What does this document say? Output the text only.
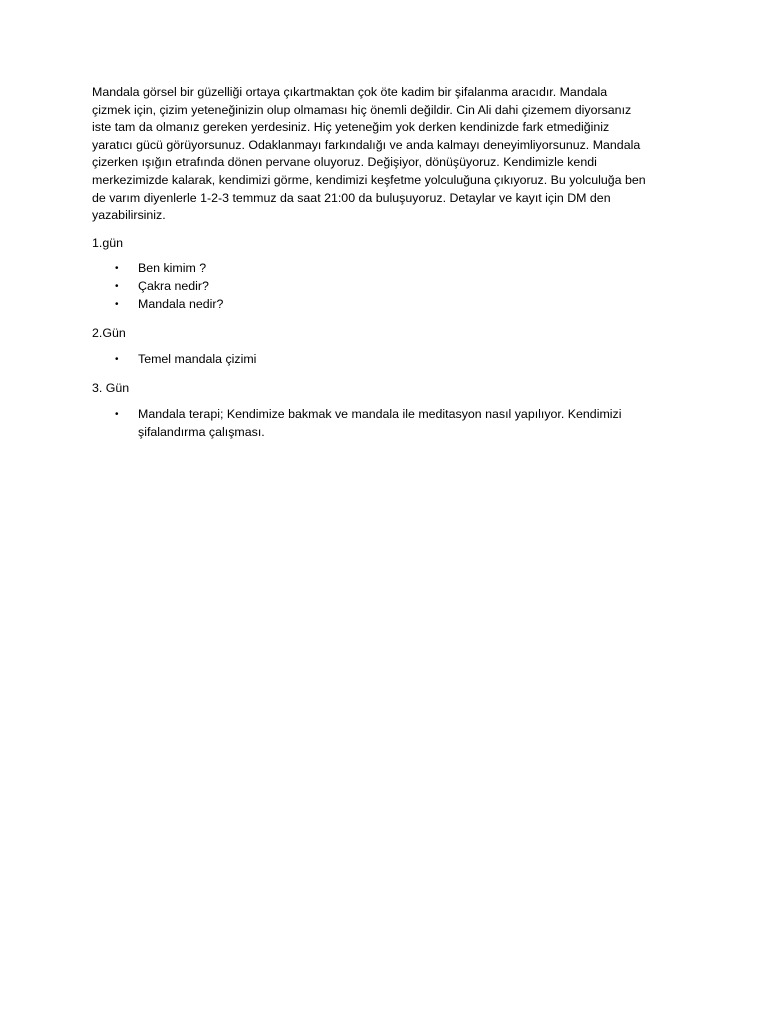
Mandala görsel bir güzelliği ortaya çıkartmaktan çok öte kadim bir şifalanma aracıdır. Mandala

çizmek için, çizim yeteneğinizin olup olmaması hiç önemli değildir. Cin Ali dahi çizemem diyorsanız

iste tam da olmanız gereken yerdesiniz. Hiç yeteneğim yok derken kendinizde fark etmediğiniz

yaratıcı gücü görüyorsunuz. Odaklanmayı farkındalığı ve anda kalmayı deneyimliyorsunuz. Mandala

çizerken ışığın etrafında dönen pervane oluyoruz. Değişiyor, dönüşüyoruz. Kendimizle kendi

merkezimizde kalarak, kendimizi görme, kendimizi keşfetme yolculuğuna çıkıyoruz. Bu yolculuğa ben

de varım diyenlerle 1-2-3 temmuz da saat 21:00 da buluşuyoruz. Detaylar ve kayıt için DM den

yazabilirsiniz.

1.gün

• Ben kimim ?
• Çakra nedir?
• Mandala nedir?

2.Gün

• Temel mandala çizimi

3. Gün

• Mandala terapi; Kendimize bakmak ve mandala ile meditasyon nasıl yapılıyor. Kendimizi
şifalandırma çalışması.
